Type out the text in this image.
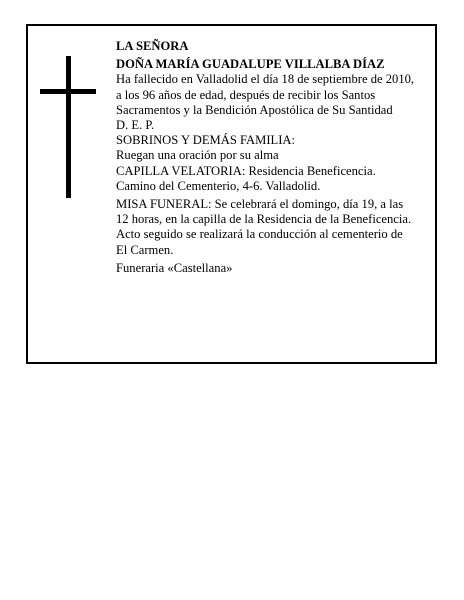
LA SEÑORA
DOÑA MARÍA GUADALUPE VILLALBA DÍAZ
Ha fallecido en Valladolid el día 18 de septiembre de 2010, a los 96 años de edad, después de recibir los Santos Sacramentos y la Bendición Apostólica de Su Santidad
D. E. P.
SOBRINOS Y DEMÁS FAMILIA:
Ruegan una oración por su alma
CAPILLA VELATORIA: Residencia Beneficencia. Camino del Cementerio, 4-6. Valladolid.
MISA FUNERAL: Se celebrará el domingo, día 19, a las 12 horas, en la capilla de la Residencia de la Beneficencia. Acto seguido se realizará la conducción al cementerio de El Carmen.
Funeraria «Castellana»
